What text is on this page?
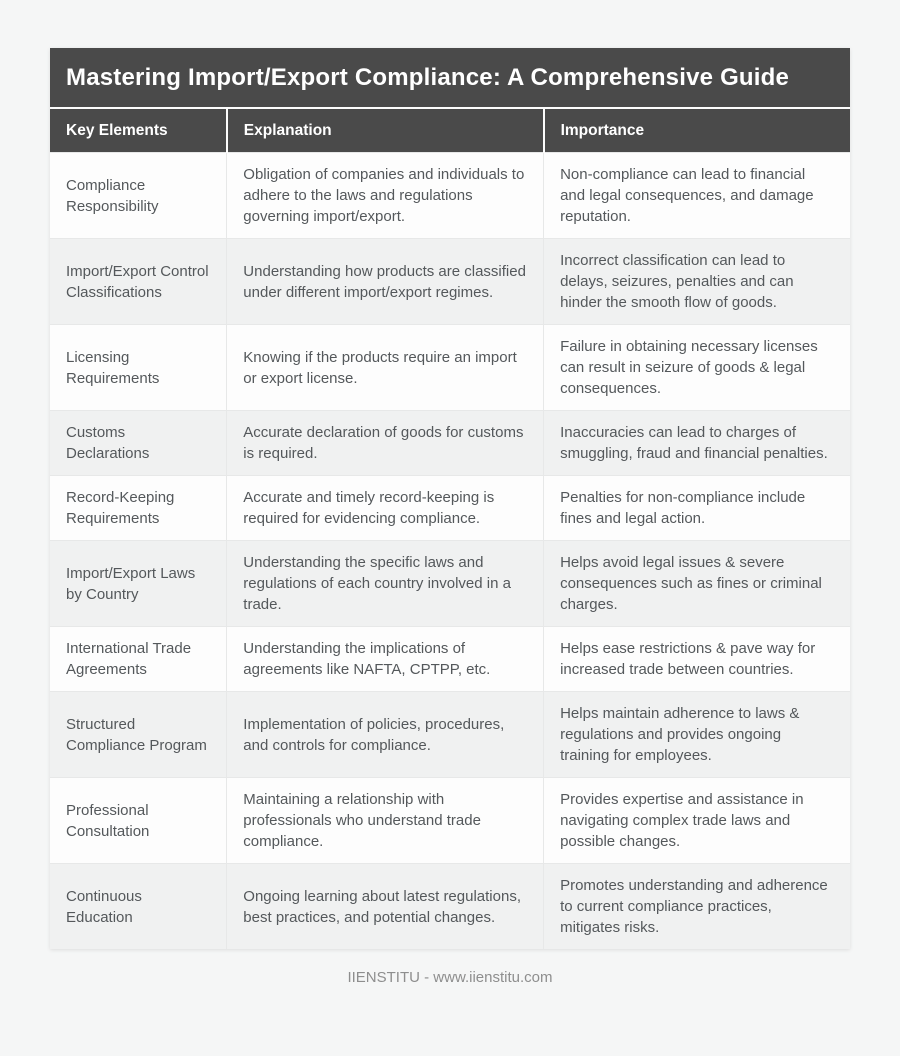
Mastering Import/Export Compliance: A Comprehensive Guide
Key Elements	Explanation	Importance
Compliance Responsibility	Obligation of companies and individuals to adhere to the laws and regulations governing import/export.	Non-compliance can lead to financial and legal consequences, and damage reputation.
Import/Export Control Classifications	Understanding how products are classified under different import/export regimes.	Incorrect classification can lead to delays, seizures, penalties and can hinder the smooth flow of goods.
Licensing Requirements	Knowing if the products require an import or export license.	Failure in obtaining necessary licenses can result in seizure of goods & legal consequences.
Customs Declarations	Accurate declaration of goods for customs is required.	Inaccuracies can lead to charges of smuggling, fraud and financial penalties.
Record-Keeping Requirements	Accurate and timely record-keeping is required for evidencing compliance.	Penalties for non-compliance include fines and legal action.
Import/Export Laws by Country	Understanding the specific laws and regulations of each country involved in a trade.	Helps avoid legal issues & severe consequences such as fines or criminal charges.
International Trade Agreements	Understanding the implications of agreements like NAFTA, CPTPP, etc.	Helps ease restrictions & pave way for increased trade between countries.
Structured Compliance Program	Implementation of policies, procedures, and controls for compliance.	Helps maintain adherence to laws & regulations and provides ongoing training for employees.
Professional Consultation	Maintaining a relationship with professionals who understand trade compliance.	Provides expertise and assistance in navigating complex trade laws and possible changes.
Continuous Education	Ongoing learning about latest regulations, best practices, and potential changes.	Promotes understanding and adherence to current compliance practices, mitigates risks.
IIENSTITU - www.iienstitu.com
